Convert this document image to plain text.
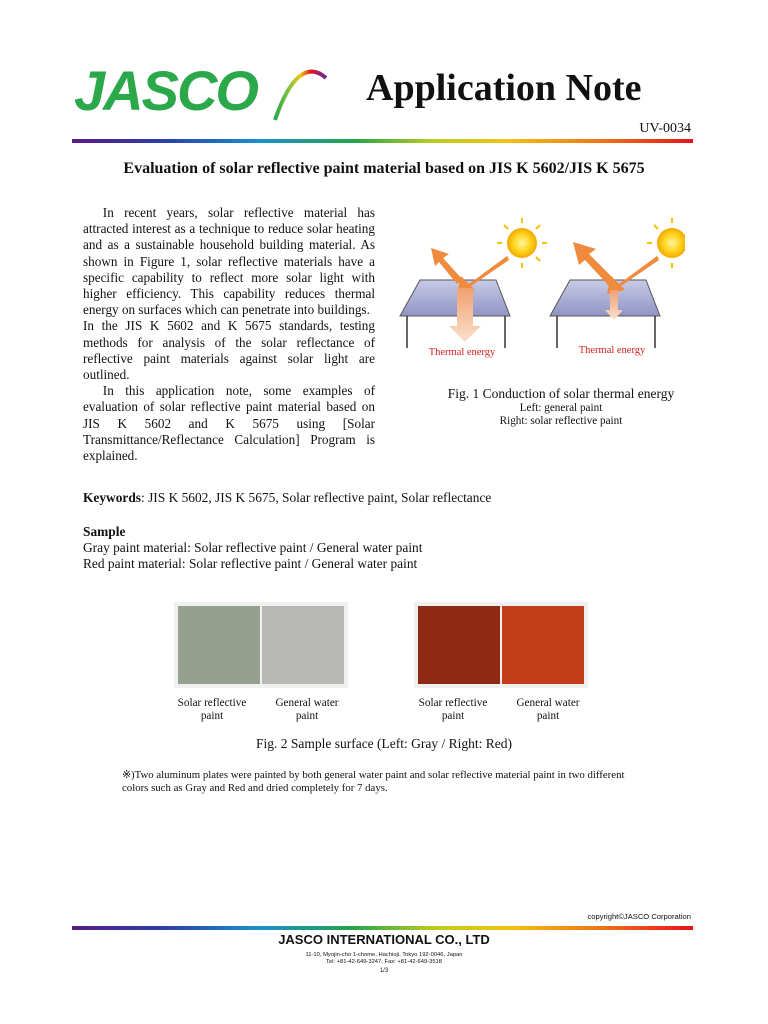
JASCO	Application Note
UV-0034
Evaluation of solar reflective paint material based on JIS K 5602/JIS K 5675

In recent years, solar reflective material has attracted interest as a technique to reduce solar heating and as a sustainable household building material. As shown in Figure 1, solar reflective materials have a specific capability to reflect more solar light with higher efficiency. This capability reduces thermal energy on surfaces which can penetrate into buildings.

In the JIS K 5602 and K 5675 standards, testing methods for analysis of the solar reflectance of reflective paint materials against solar light are outlined.

In this application note, some examples of evaluation of solar reflective paint material based on JIS K 5602 and K 5675 using [Solar Transmittance/Reflectance Calculation] Program is explained.

Thermal energy	Thermal energy
Fig. 1 Conduction of solar thermal energy
Left: general paint
Right: solar reflective paint
Keywords: JIS K 5602, JIS K 5675, Solar reflective paint, Solar reflectance
Sample
Gray paint material: Solar reflective paint / General water paint
Red paint material: Solar reflective paint / General water paint
Solar reflective
paint
General water
paint
Solar reflective
paint
General water
paint
Fig. 2 Sample surface (Left: Gray / Right: Red)
※)Two aluminum plates were painted by both general water paint and solar reflective material paint in two different colors such as Gray and Red and dried completely for 7 days.
copyright©JASCO Corporation
JASCO INTERNATIONAL CO., LTD
11-10, Myojin-cho 1-chome, Hachioji, Tokyo 192-0046, Japan
Tel: +81-42-649-3247, Fax: +81-42-649-3518
1/3
